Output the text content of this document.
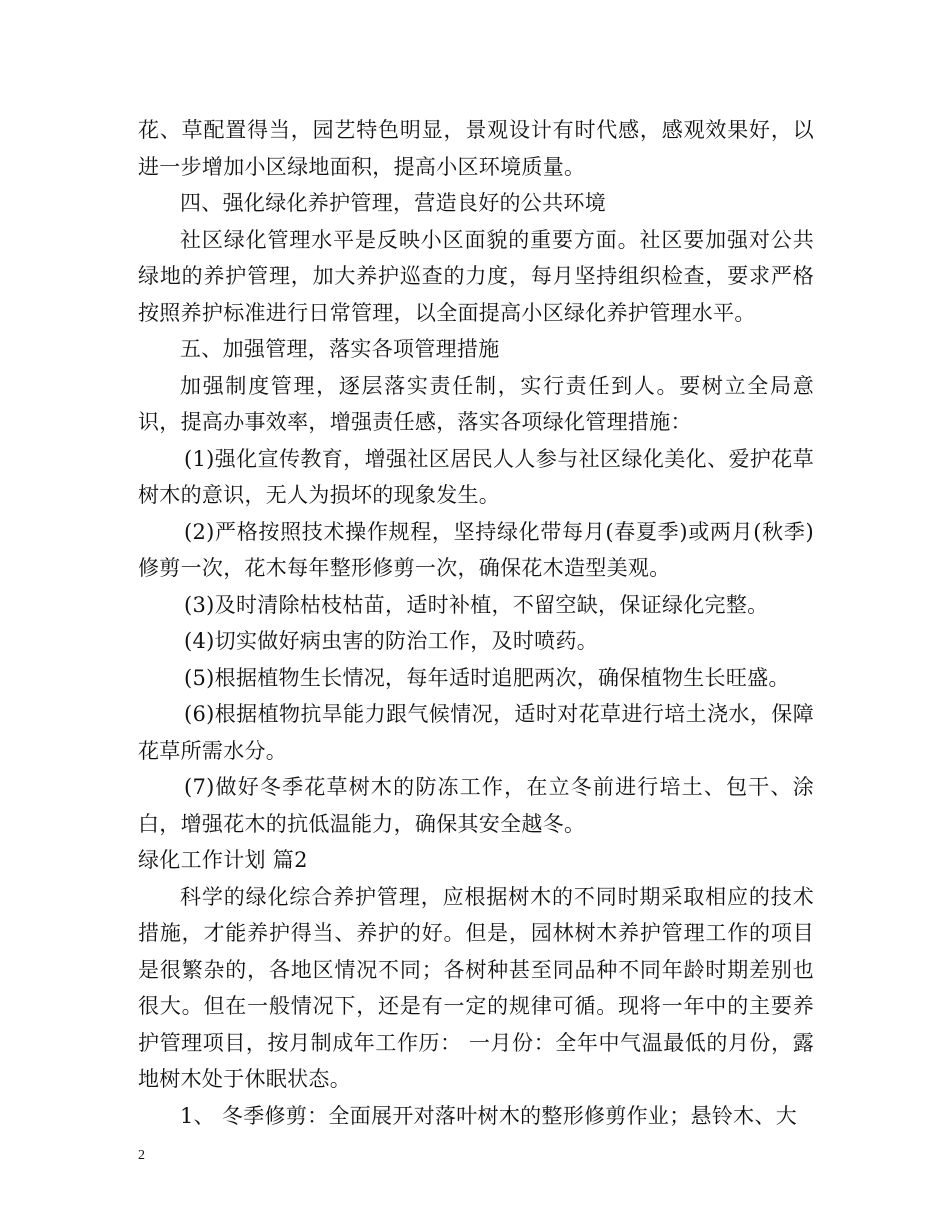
花、草配置得当，园艺特色明显，景观设计有时代感，感观效果好，以进一步增加小区绿地面积，提高小区环境质量。

四、强化绿化养护管理，营造良好的公共环境

社区绿化管理水平是反映小区面貌的重要方面。社区要加强对公共绿地的养护管理，加大养护巡查的力度，每月坚持组织检查，要求严格按照养护标准进行日常管理，以全面提高小区绿化养护管理水平。

五、加强管理，落实各项管理措施

加强制度管理，逐层落实责任制，实行责任到人。要树立全局意识，提高办事效率，增强责任感，落实各项绿化管理措施：

(1)强化宣传教育，增强社区居民人人参与社区绿化美化、爱护花草树木的意识，无人为损坏的现象发生。

(2)严格按照技术操作规程，坚持绿化带每月(春夏季)或两月(秋季)修剪一次，花木每年整形修剪一次，确保花木造型美观。

(3)及时清除枯枝枯苗，适时补植，不留空缺，保证绿化完整。

(4)切实做好病虫害的防治工作，及时喷药。

(5)根据植物生长情况，每年适时追肥两次，确保植物生长旺盛。

(6)根据植物抗旱能力跟气候情况，适时对花草进行培土浇水，保障花草所需水分。

(7)做好冬季花草树木的防冻工作，在立冬前进行培土、包干、涂白，增强花木的抗低温能力，确保其安全越冬。

绿化工作计划 篇2

科学的绿化综合养护管理，应根据树木的不同时期采取相应的技术措施，才能养护得当、养护的好。但是，园林树木养护管理工作的项目是很繁杂的，各地区情况不同；各树种甚至同品种不同年龄时期差别也很大。但在一般情况下，还是有一定的规律可循。现将一年中的主要养护管理项目，按月制成年工作历： 一月份：全年中气温最低的月份，露地树木处于休眠状态。

1、 冬季修剪：全面展开对落叶树木的整形修剪作业；悬铃木、大

2
